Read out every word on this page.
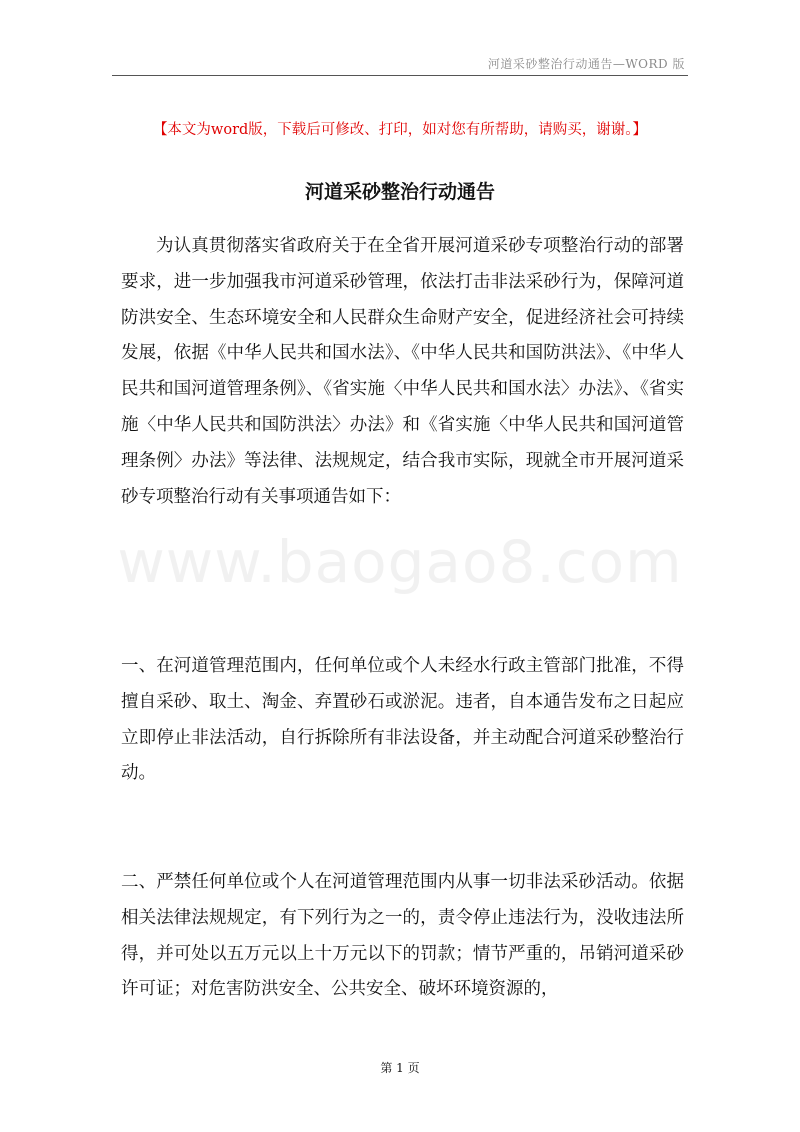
河道采砂整治行动通告—WORD 版
【本文为word版，下载后可修改、打印，如对您有所帮助，请购买，谢谢。】
河道采砂整治行动通告
www.baogao8.com

为认真贯彻落实省政府关于在全省开展河道采砂专项整治行动的部署要求，进一步加强我市河道采砂管理，依法打击非法采砂行为，保障河道防洪安全、生态环境安全和人民群众生命财产安全，促进经济社会可持续发展，依据《中华人民共和国水法》、《中华人民共和国防洪法》、《中华人民共和国河道管理条例》、《省实施〈中华人民共和国水法〉办法》、《省实施〈中华人民共和国防洪法〉办法》和《省实施〈中华人民共和国河道管理条例〉办法》等法律、法规规定，结合我市实际，现就全市开展河道采砂专项整治行动有关事项通告如下：

一、在河道管理范围内，任何单位或个人未经水行政主管部门批准，不得擅自采砂、取土、淘金、弃置砂石或淤泥。违者，自本通告发布之日起应立即停止非法活动，自行拆除所有非法设备，并主动配合河道采砂整治行动。

二、严禁任何单位或个人在河道管理范围内从事一切非法采砂活动。依据相关法律法规规定，有下列行为之一的，责令停止违法行为，没收违法所得，并可处以五万元以上十万元以下的罚款；情节严重的，吊销河道采砂许可证；对危害防洪安全、公共安全、破坏环境资源的，

第 1 页
